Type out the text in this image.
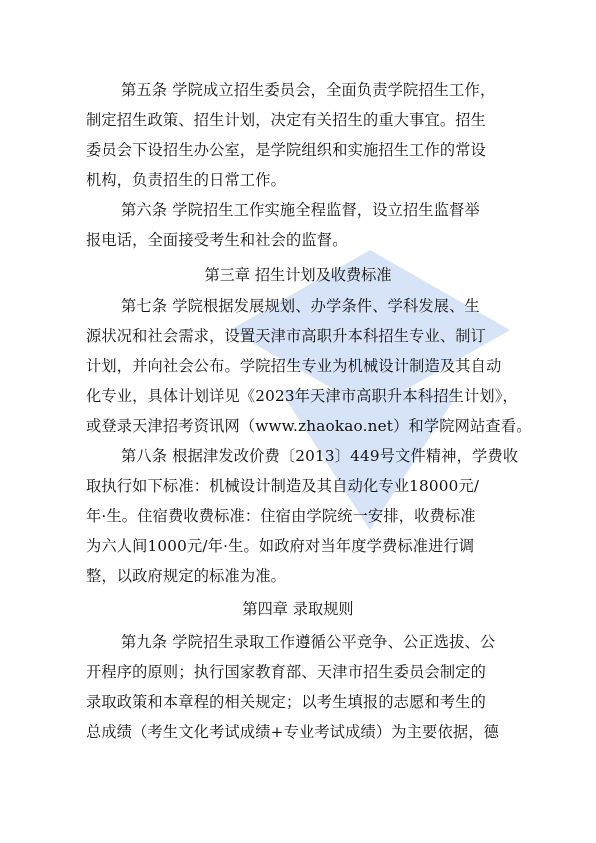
第五条 学院成立招生委员会，全面负责学院招生工作，
制定招生政策、招生计划，决定有关招生的重大事宜。招生
委员会下设招生办公室，是学院组织和实施招生工作的常设
机构，负责招生的日常工作。
第六条 学院招生工作实施全程监督，设立招生监督举
报电话，全面接受考生和社会的监督。
第三章 招生计划及收费标准
第七条 学院根据发展规划、办学条件、学科发展、生
源状况和社会需求，设置天津市高职升本科招生专业、制订
计划，并向社会公布。学院招生专业为机械设计制造及其自动
化专业，具体计划详见《2023年天津市高职升本科招生计划》，
或登录天津招考资讯网（www.zhaokao.net）和学院网站查看。
第八条 根据津发改价费〔2013〕449号文件精神，学费收
取执行如下标准：机械设计制造及其自动化专业18000元/
年·生。住宿费收费标准：住宿由学院统一安排，收费标准
为六人间1000元/年·生。如政府对当年度学费标准进行调
整，以政府规定的标准为准。
第四章 录取规则
第九条 学院招生录取工作遵循公平竞争、公正选拔、公
开程序的原则；执行国家教育部、天津市招生委员会制定的
录取政策和本章程的相关规定；以考生填报的志愿和考生的
总成绩（考生文化考试成绩+专业考试成绩）为主要依据，德
